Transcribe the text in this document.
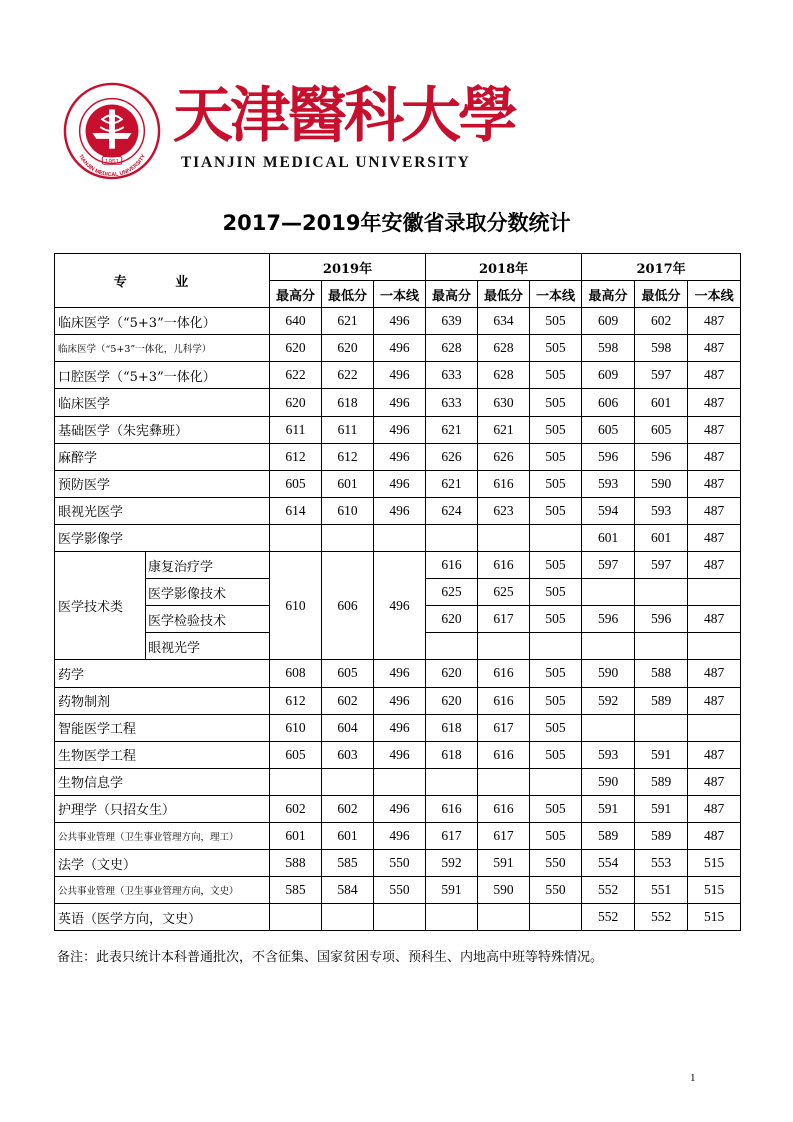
1951
TIANJIN MEDICAL UNIVERSITY
天津醫科大學
TIANJIN MEDICAL UNIVERSITY
2017—2019年安徽省录取分数统计
专 业		2019年			2018年			2017年		
		最高分	最低分	一本线	最高分	最低分	一本线	最高分	最低分	一本线
临床医学（“5+3”一体化）		640	621	496	639	634	505	609	602	487
临床医学（“5+3”一体化，儿科学）		620	620	496	628	628	505	598	598	487
口腔医学（“5+3”一体化）		622	622	496	633	628	505	609	597	487
临床医学		620	618	496	633	630	505	606	601	487
基础医学（朱宪彝班）		611	611	496	621	621	505	605	605	487
麻醉学		612	612	496	626	626	505	596	596	487
预防医学		605	601	496	621	616	505	593	590	487
眼视光医学		614	610	496	624	623	505	594	593	487
医学影像学								601	601	487
医学技术类	康复治疗学	610	606	496	616	616	505	597	597	487
	医学影像技术				625	625	505			
	医学检验技术				620	617	505	596	596	487
	眼视光学									
药学		608	605	496	620	616	505	590	588	487
药物制剂		612	602	496	620	616	505	592	589	487
智能医学工程		610	604	496	618	617	505			
生物医学工程		605	603	496	618	616	505	593	591	487
生物信息学								590	589	487
护理学（只招女生）		602	602	496	616	616	505	591	591	487
公共事业管理（卫生事业管理方向，理工）		601	601	496	617	617	505	589	589	487
法学（文史）		588	585	550	592	591	550	554	553	515
公共事业管理（卫生事业管理方向，文史）		585	584	550	591	590	550	552	551	515
英语（医学方向，文史）								552	552	515
备注：此表只统计本科普通批次，不含征集、国家贫困专项、预科生、内地高中班等特殊情况。
1
